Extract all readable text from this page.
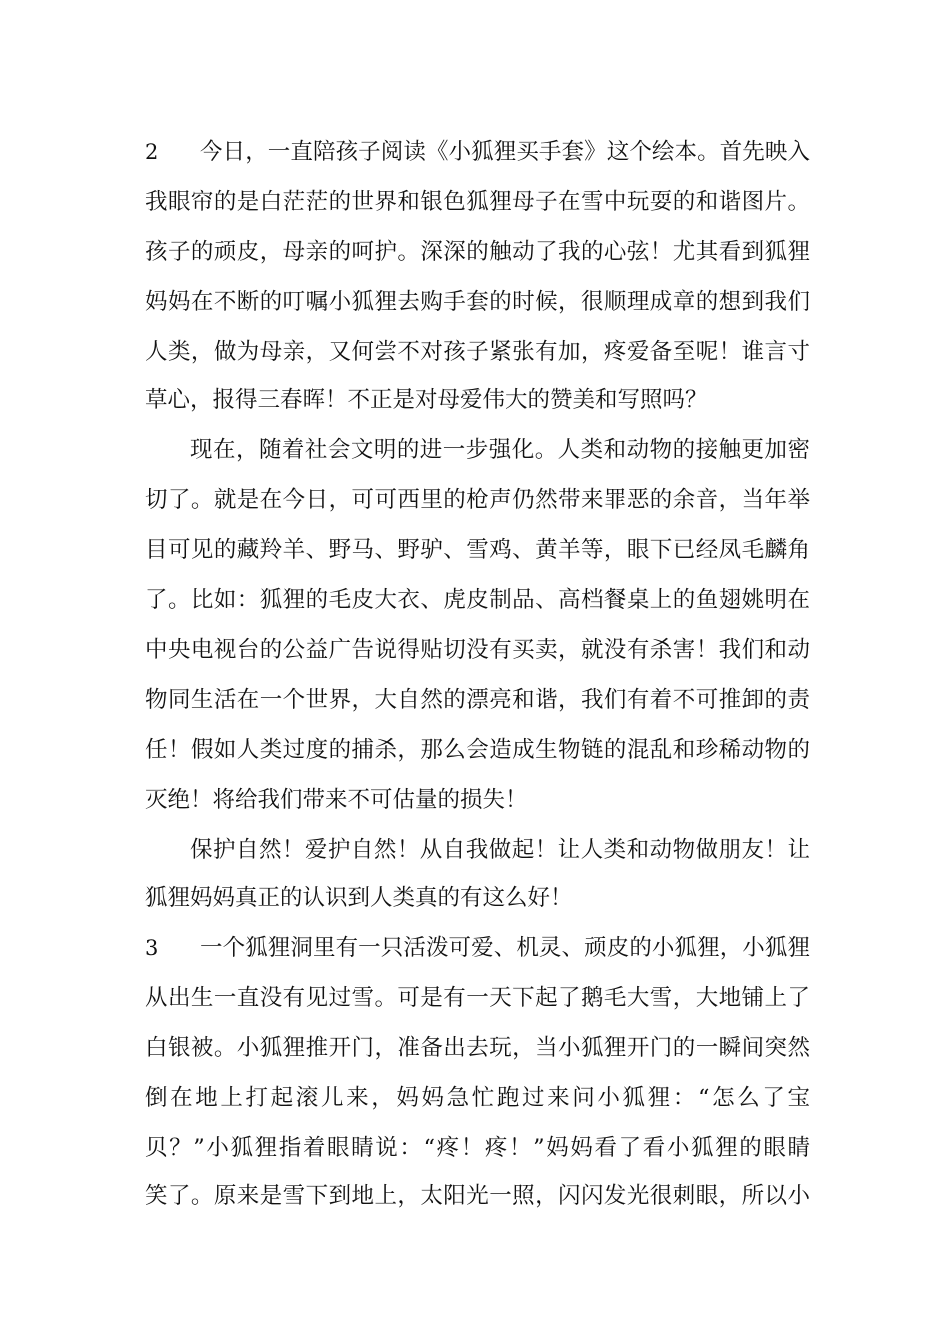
2	今日，一直陪孩子阅读《小狐狸买手套》这个绘本。首先映入
我眼帘的是白茫茫的世界和银色狐狸母子在雪中玩耍的和谐图片。
孩子的顽皮，母亲的呵护。深深的触动了我的心弦！尤其看到狐狸
妈妈在不断的叮嘱小狐狸去购手套的时候，很顺理成章的想到我们
人类，做为母亲，又何尝不对孩子紧张有加，疼爱备至呢！谁言寸
草心，报得三春晖！不正是对母爱伟大的赞美和写照吗？
现在，随着社会文明的进一步强化。人类和动物的接触更加密
切了。就是在今日，可可西里的枪声仍然带来罪恶的余音，当年举
目可见的藏羚羊、野马、野驴、雪鸡、黄羊等，眼下已经凤毛麟角
了。比如：狐狸的毛皮大衣、虎皮制品、高档餐桌上的鱼翅姚明在
中央电视台的公益广告说得贴切没有买卖，就没有杀害！我们和动
物同生活在一个世界，大自然的漂亮和谐，我们有着不可推卸的责
任！假如人类过度的捕杀，那么会造成生物链的混乱和珍稀动物的
灭绝！将给我们带来不可估量的损失！
保护自然！爱护自然！从自我做起！让人类和动物做朋友！让
狐狸妈妈真正的认识到人类真的有这么好！
3	一个狐狸洞里有一只活泼可爱、机灵、顽皮的小狐狸，小狐狸
从出生一直没有见过雪。可是有一天下起了鹅毛大雪，大地铺上了
白银被。小狐狸推开门，准备出去玩，当小狐狸开门的一瞬间突然
倒在地上打起滚儿来，妈妈急忙跑过来问小狐狸：“怎么了宝
贝？”小狐狸指着眼睛说：“疼！疼！”妈妈看了看小狐狸的眼睛
笑了。原来是雪下到地上，太阳光一照，闪闪发光很刺眼，所以小
